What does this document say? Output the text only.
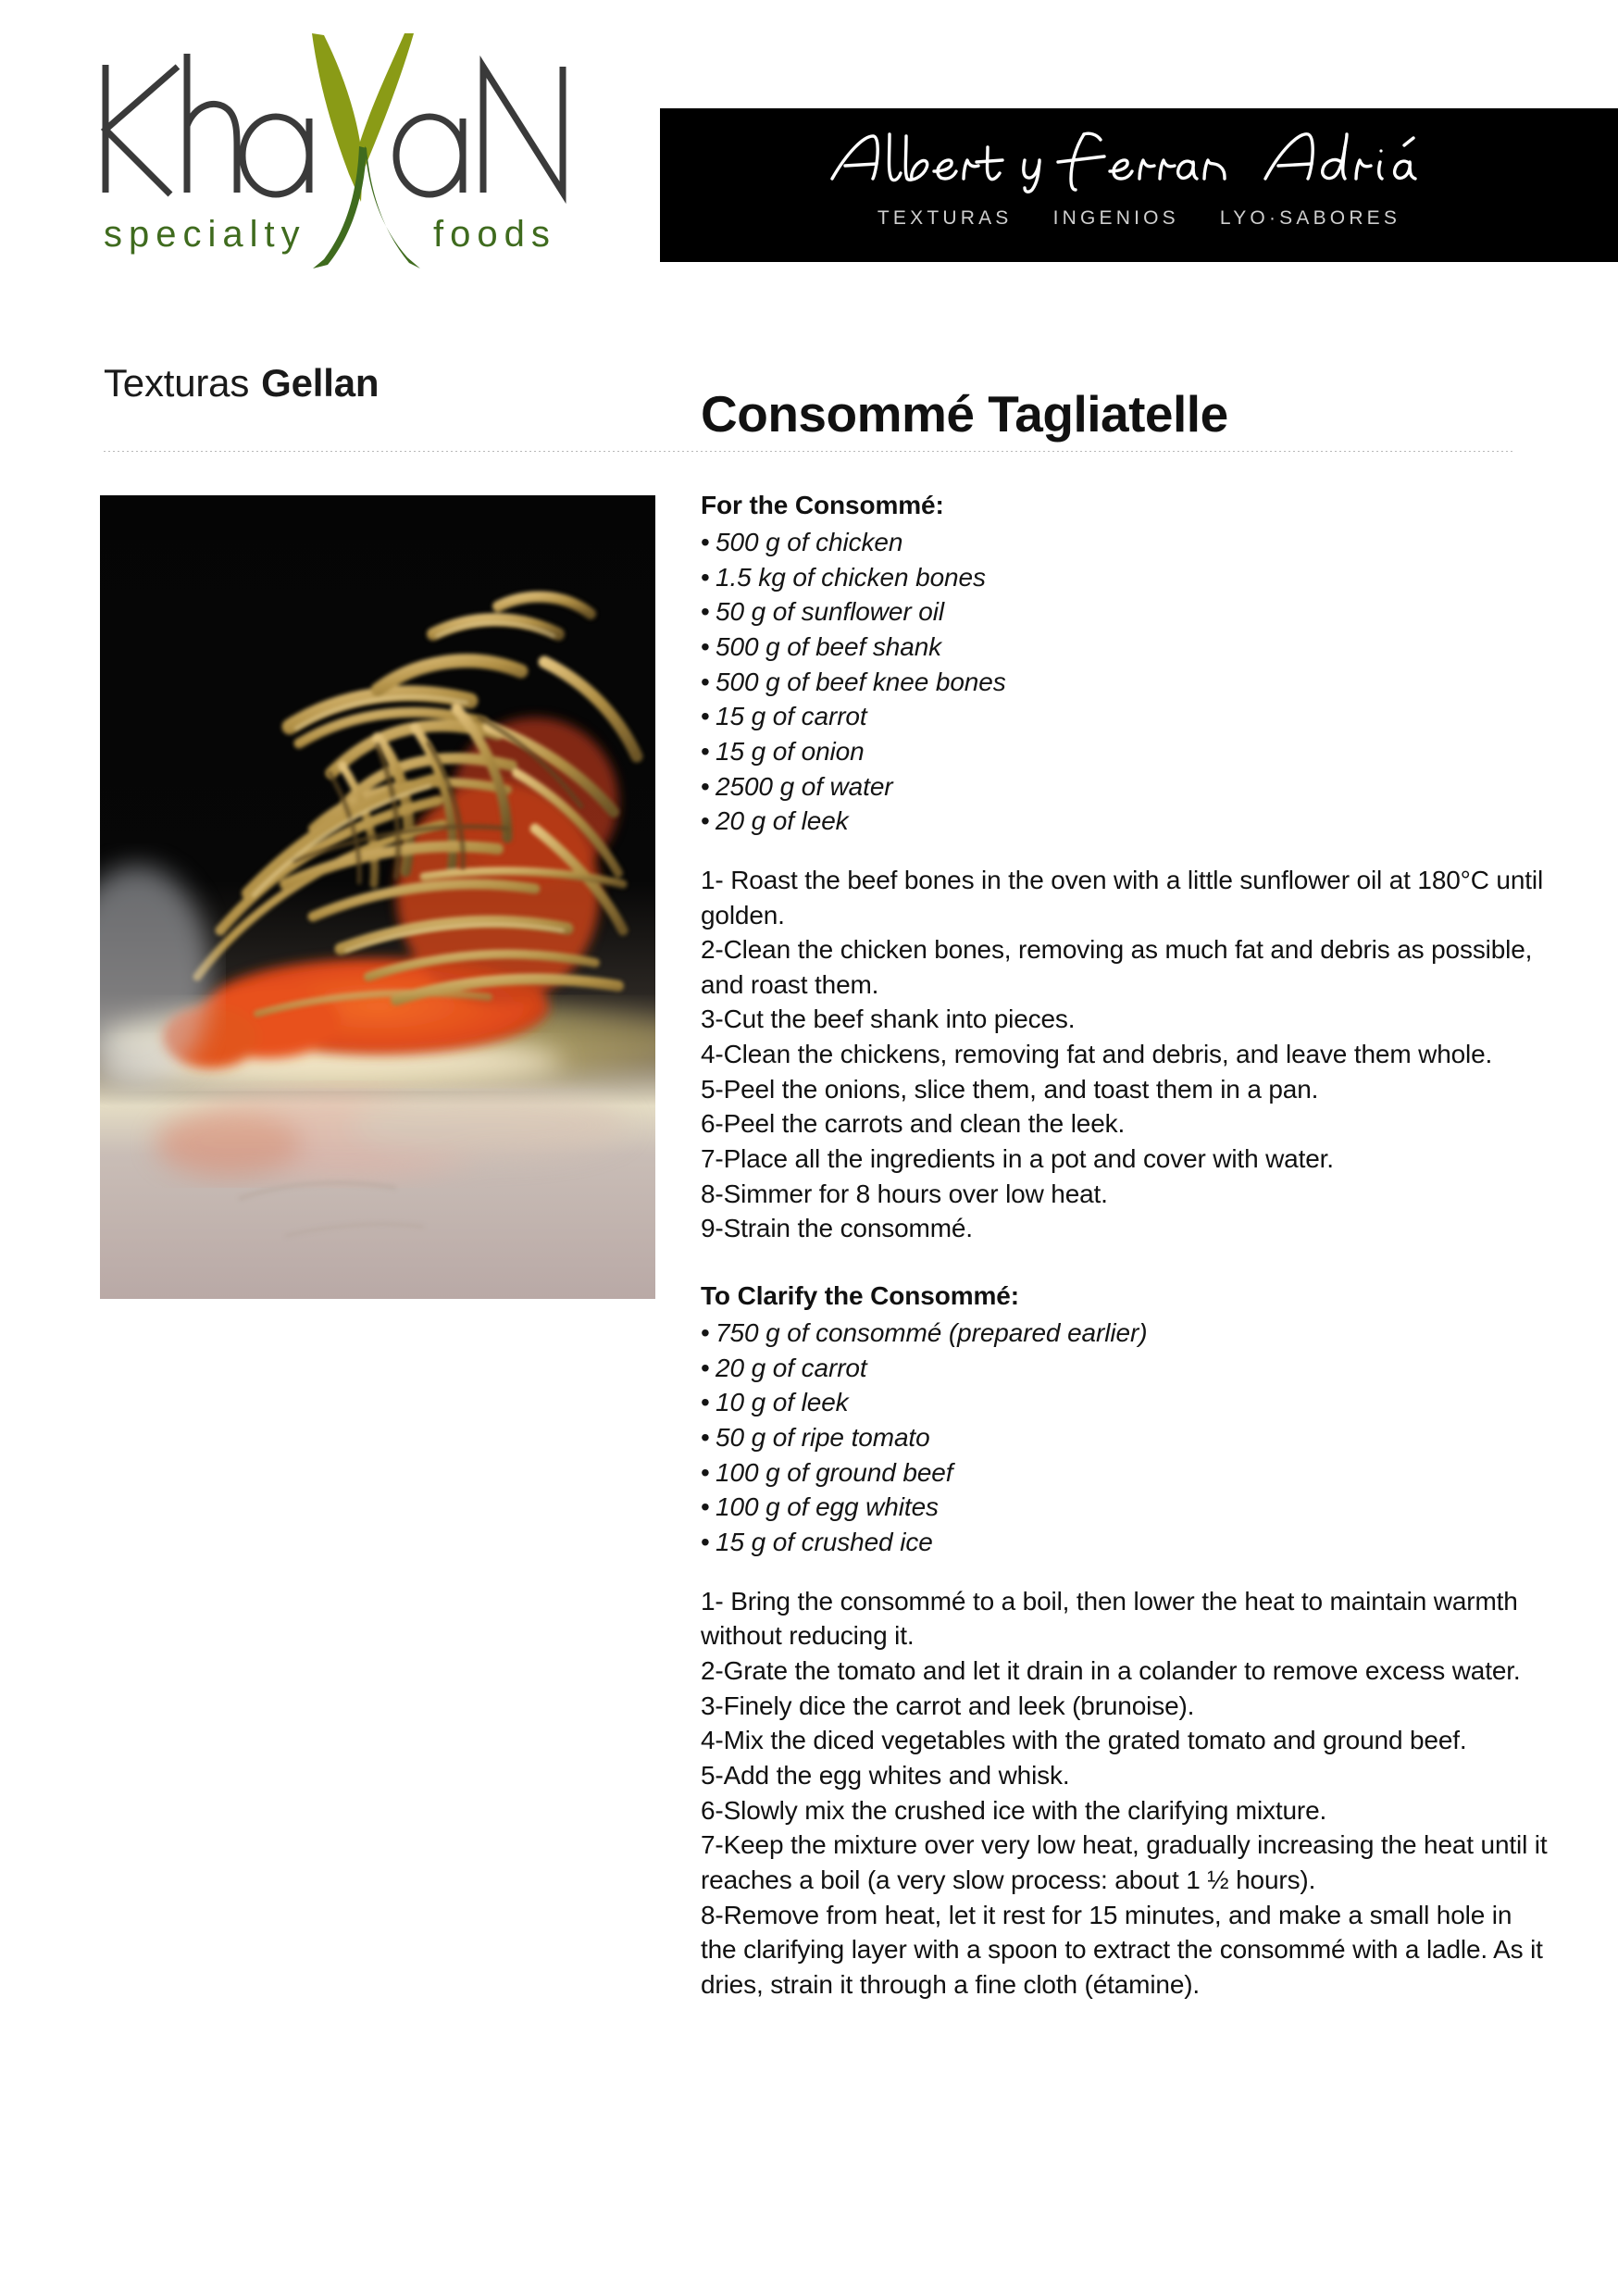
specialty	foods	TEXTURAS INGENIOS LYO·SABORES
Texturas Gellan
Consommé Tagliatelle
For the Consommé:
• 500 g of chicken
• 1.5 kg of chicken bones
• 50 g of sunflower oil
• 500 g of beef shank
• 500 g of beef knee bones
• 15 g of carrot
• 15 g of onion
• 2500 g of water
• 20 g of leek

1- Roast the beef bones in the oven with a little sunflower oil at 180°C until golden.

2-Clean the chicken bones, removing as much fat and debris as possible, and roast them.

3-Cut the beef shank into pieces.

4-Clean the chickens, removing fat and debris, and leave them whole.

5-Peel the onions, slice them, and toast them in a pan.

6-Peel the carrots and clean the leek.

7-Place all the ingredients in a pot and cover with water.

8-Simmer for 8 hours over low heat.

9-Strain the consommé.

To Clarify the Consommé:
• 750 g of consommé (prepared earlier)
• 20 g of carrot
• 10 g of leek
• 50 g of ripe tomato
• 100 g of ground beef
• 100 g of egg whites
• 15 g of crushed ice

1- Bring the consommé to a boil, then lower the heat to maintain warmth without reducing it.

2-Grate the tomato and let it drain in a colander to remove excess water.

3-Finely dice the carrot and leek (brunoise).

4-Mix the diced vegetables with the grated tomato and ground beef.

5-Add the egg whites and whisk.

6-Slowly mix the crushed ice with the clarifying mixture.

7-Keep the mixture over very low heat, gradually increasing the heat until it reaches a boil (a very slow process: about 1 ½ hours).

8-Remove from heat, let it rest for 15 minutes, and make a small hole in the clarifying layer with a spoon to extract the consommé with a ladle. As it dries, strain it through a fine cloth (étamine).
